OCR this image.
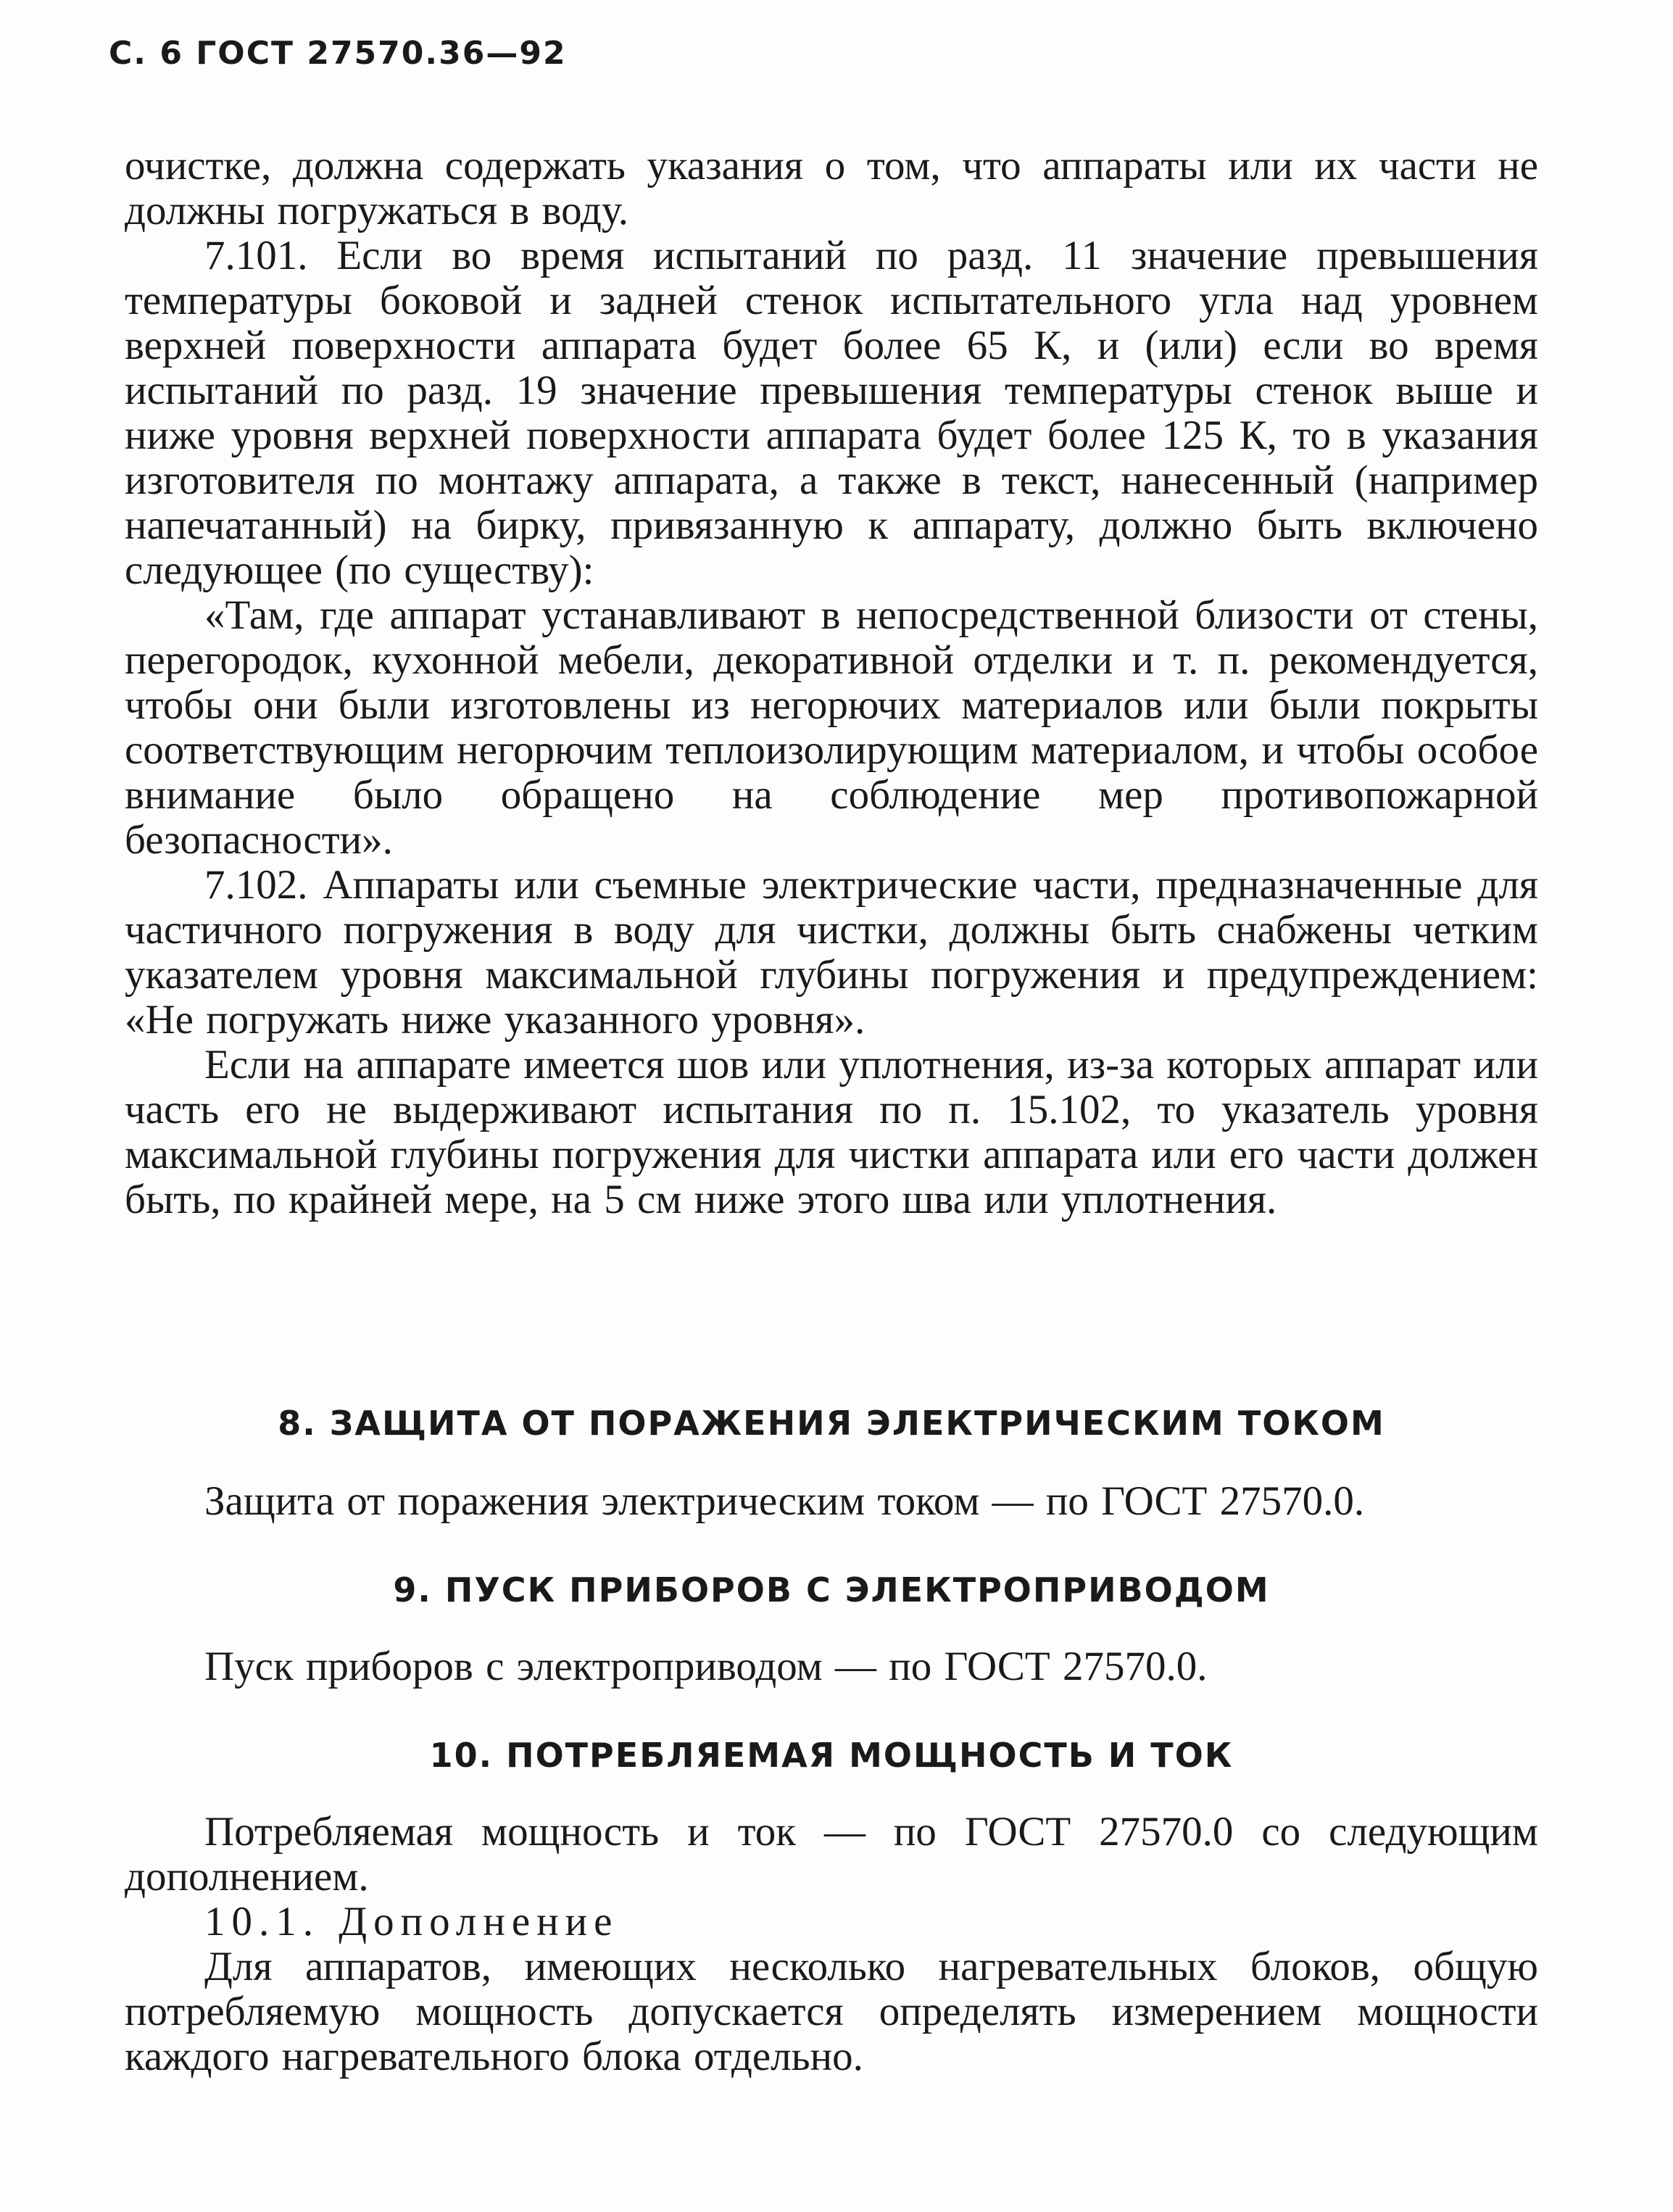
С. 6 ГОСТ 27570.36—92

очистке, должна содержать указания о том, что аппараты или их части не должны погружаться в воду.

7.101. Если во время испытаний по разд. 11 значение превышения температуры боковой и задней стенок испытательного угла над уровнем верхней поверхности аппарата будет более 65 К, и (или) если во время испытаний по разд. 19 значение превышения температуры стенок выше и ниже уровня верхней поверхности аппарата будет более 125 К, то в указания изготовителя по монтажу аппарата, а также в текст, нанесенный (например напечатанный) на бирку, привязанную к аппарату, должно быть включено следующее (по существу):

«Там, где аппарат устанавливают в непосредственной близости от стены, перегородок, кухонной мебели, декоративной отделки и т. п. рекомендуется, чтобы они были изготовлены из негорючих материалов или были покрыты соответствующим негорючим теплоизолирующим материалом, и чтобы особое внимание было обращено на соблюдение мер противопожарной безопасности».

7.102. Аппараты или съемные электрические части, предназначенные для частичного погружения в воду для чистки, должны быть снабжены четким указателем уровня максимальной глубины погружения и предупреждением: «Не погружать ниже указанного уровня».

Если на аппарате имеется шов или уплотнения, из-за которых аппарат или часть его не выдерживают испытания по п. 15.102, то указатель уровня максимальной глубины погружения для чистки аппарата или его части должен быть, по крайней мере, на 5 см ниже этого шва или уплотнения.

8. ЗАЩИТА ОТ ПОРАЖЕНИЯ ЭЛЕКТРИЧЕСКИМ ТОКОМ
Защита от поражения электрическим током — по ГОСТ 27570.0.
9. ПУСК ПРИБОРОВ С ЭЛЕКТРОПРИВОДОМ
Пуск приборов с электроприводом — по ГОСТ 27570.0.
10. ПОТРЕБЛЯЕМАЯ МОЩНОСТЬ И ТОК

Потребляемая мощность и ток — по ГОСТ 27570.0 со следующим дополнением.

10.1. Дополнение

Для аппаратов, имеющих несколько нагревательных блоков, общую потребляемую мощность допускается определять измерением мощности каждого нагревательного блока отдельно.
